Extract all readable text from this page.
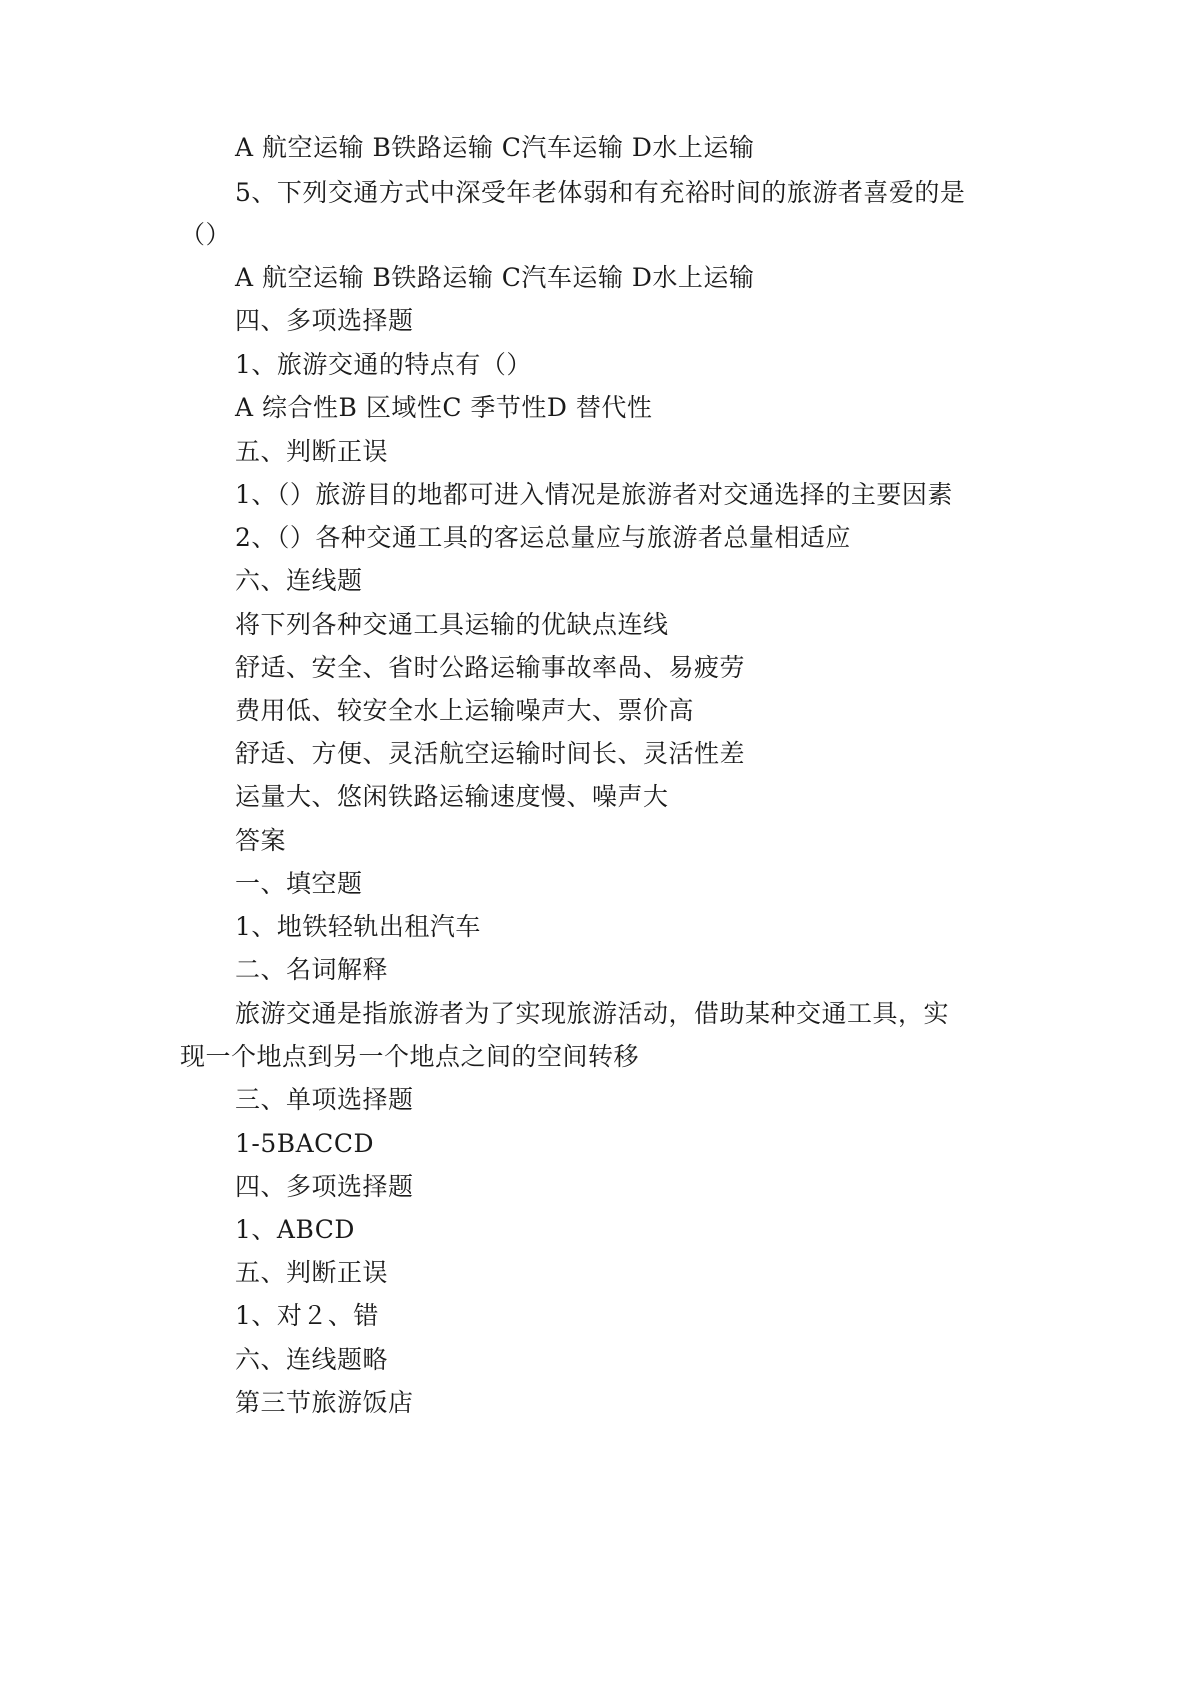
A 航空运输 B铁路运输 C汽车运输 D水上运输
5、下列交通方式中深受年老体弱和有充裕时间的旅游者喜爱的是
（）
A 航空运输 B铁路运输 C汽车运输 D水上运输
四、多项选择题
1、旅游交通的特点有（）
A 综合性B 区域性C 季节性D 替代性
五、判断正误
1、（）旅游目的地都可进入情况是旅游者对交通选择的主要因素
2、（）各种交通工具的客运总量应与旅游者总量相适应
六、连线题
将下列各种交通工具运输的优缺点连线
舒适、安全、省时公路运输事故率咼、易疲劳
费用低、较安全水上运输噪声大、票价高
舒适、方便、灵活航空运输时间长、灵活性差
运量大、悠闲铁路运输速度慢、噪声大
答案
一、填空题
1、地铁轻轨出租汽车
二、名词解释
旅游交通是指旅游者为了实现旅游活动，借助某种交通工具，实
现一个地点到另一个地点之间的空间转移
三、单项选择题
1-5BACCD
四、多项选择题
1、ABCD
五、判断正误
1、对２、错
六、连线题略
第三节旅游饭店
